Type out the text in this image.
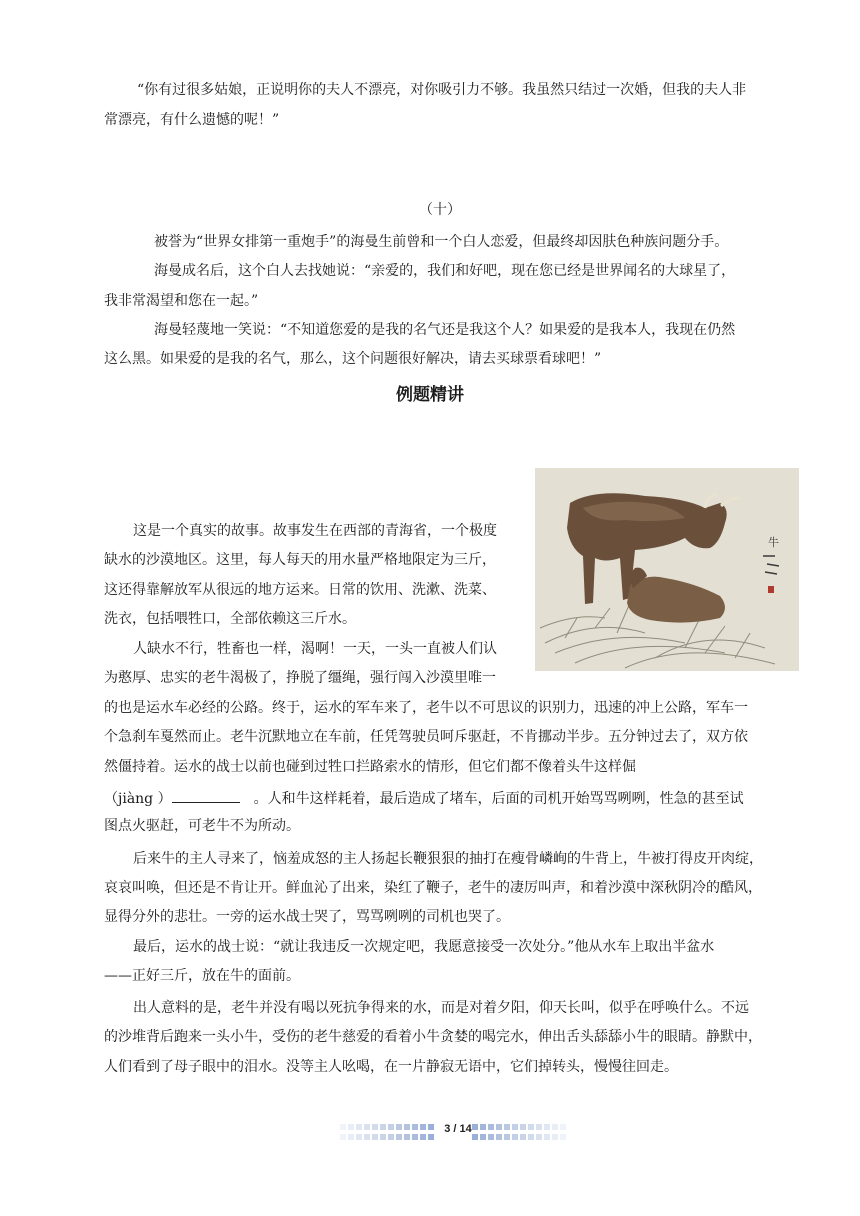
“你有过很多姑娘，正说明你的夫人不漂亮，对你吸引力不够。我虽然只结过一次婚，但我的夫人非
常漂亮，有什么遗憾的呢！”
（十）
被誉为“世界女排第一重炮手”的海曼生前曾和一个白人恋爱，但最终却因肤色种族问题分手。
海曼成名后，这个白人去找她说：“亲爱的，我们和好吧，现在您已经是世界闻名的大球星了，
我非常渴望和您在一起。”
海曼轻蔑地一笑说：“不知道您爱的是我的名气还是我这个人？如果爱的是我本人，我现在仍然
这么黑。如果爱的是我的名气，那么，这个问题很好解决，请去买球票看球吧！”
例题精讲
牛
这是一个真实的故事。故事发生在西部的青海省，一个极度
缺水的沙漠地区。这里，每人每天的用水量严格地限定为三斤，
这还得靠解放军从很远的地方运来。日常的饮用、洗漱、洗菜、
洗衣，包括喂牲口，全部依赖这三斤水。
人缺水不行，牲畜也一样，渴啊！一天，一头一直被人们认
为憨厚、忠实的老牛渴极了，挣脱了缰绳，强行闯入沙漠里唯一
的也是运水车必经的公路。终于，运水的军车来了，老牛以不可思议的识别力，迅速的冲上公路，军车一
个急刹车戛然而止。老牛沉默地立在车前，任凭驾驶员呵斥驱赶，不肯挪动半步。五分钟过去了，双方依
然僵持着。运水的战士以前也碰到过牲口拦路索水的情形，但它们都不像着头牛这样倔
（jiàng ）	。人和牛这样耗着，最后造成了堵车，后面的司机开始骂骂咧咧，性急的甚至试
图点火驱赶，可老牛不为所动。
后来牛的主人寻来了，恼羞成怒的主人扬起长鞭狠狠的抽打在瘦骨嶙峋的牛背上，牛被打得皮开肉绽，
哀哀叫唤，但还是不肯让开。鲜血沁了出来，染红了鞭子，老牛的凄厉叫声，和着沙漠中深秋阴冷的酷风，
显得分外的悲壮。一旁的运水战士哭了，骂骂咧咧的司机也哭了。
最后，运水的战士说：“就让我违反一次规定吧，我愿意接受一次处分。”他从水车上取出半盆水
——正好三斤，放在牛的面前。
出人意料的是，老牛并没有喝以死抗争得来的水，而是对着夕阳，仰天长叫，似乎在呼唤什么。不远
的沙堆背后跑来一头小牛，受伤的老牛慈爱的看着小牛贪婪的喝完水，伸出舌头舔舔小牛的眼睛。静默中，
人们看到了母子眼中的泪水。没等主人吆喝，在一片静寂无语中，它们掉转头，慢慢往回走。
3 / 14
